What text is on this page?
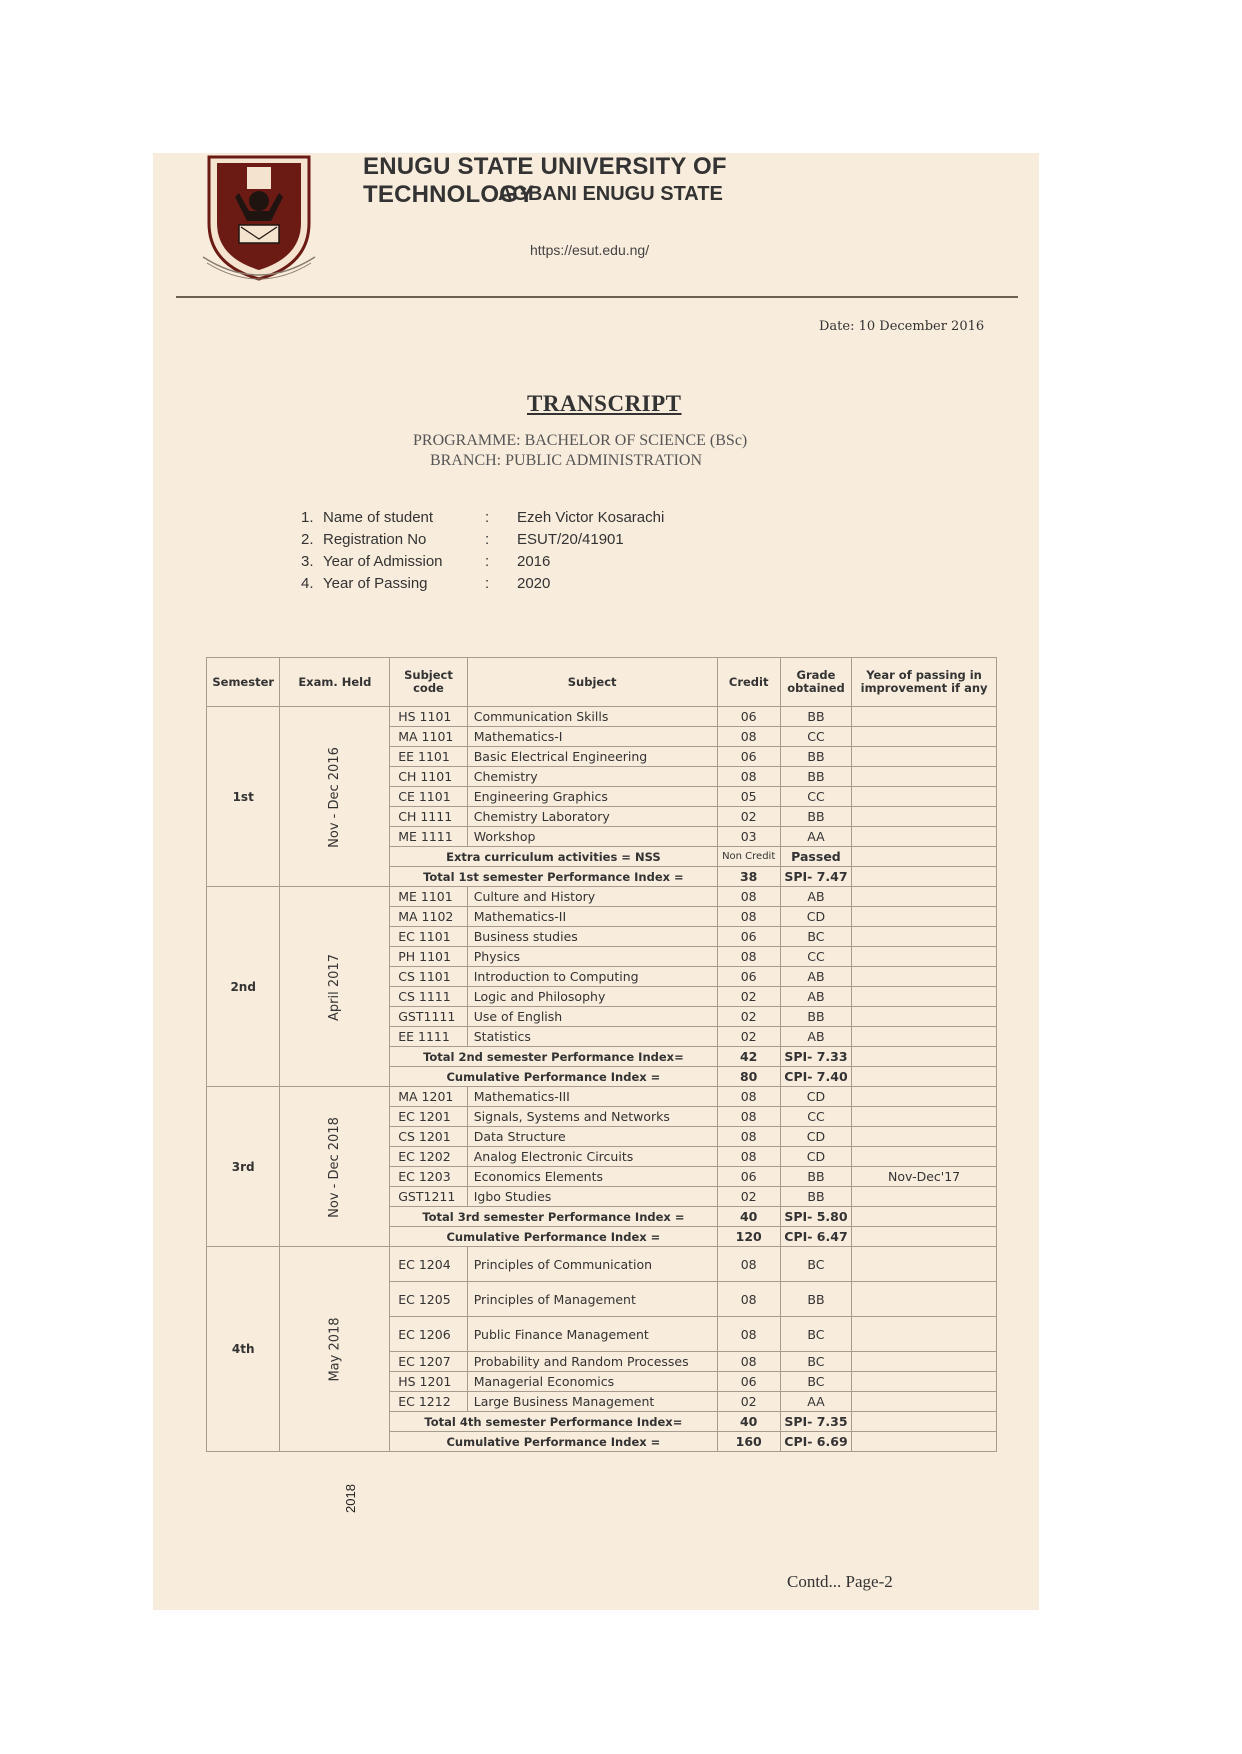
ENUGU STATE UNIVERSITY OF TECHNOLOGY
AGBANI ENUGU STATE
https://esut.edu.ng/
Date: 10 December 2016
TRANSCRIPT
PROGRAMME: BACHELOR OF SCIENCE (BSc)
BRANCH: PUBLIC ADMINISTRATION
1. Name of student	: Ezeh Victor Kosarachi
2. Registration No	: ESUT/20/41901
3. Year of Admission	: 2016
4. Year of Passing	: 2020
Semester	Exam. Held	Subject code	Subject	Credit	Grade obtained	Year of passing in improvement if any
1st	Nov - Dec 2016	HS 1101	Communication Skills	06	BB	
		MA 1101	Mathematics-I	08	CC	
		EE 1101	Basic Electrical Engineering	06	BB	
		CH 1101	Chemistry	08	BB	
		CE 1101	Engineering Graphics	05	CC	
		CH 1111	Chemistry Laboratory	02	BB	
		ME 1111	Workshop	03	AA	
		Extra curriculum activities = NSS		Non Credit	Passed	
		Total 1st semester Performance Index =		38	SPI- 7.47	
2nd	April 2017	ME 1101	Culture and History	08	AB	
		MA 1102	Mathematics-II	08	CD	
		EC 1101	Business studies	06	BC	
		PH 1101	Physics	08	CC	
		CS 1101	Introduction to Computing	06	AB	
		CS 1111	Logic and Philosophy	02	AB	
		GST1111	Use of English	02	BB	
		EE 1111	Statistics	02	AB	
		Total 2nd semester Performance Index=		42	SPI- 7.33	
		Cumulative Performance Index =		80	CPI- 7.40	
3rd	Nov - Dec 2018	MA 1201	Mathematics-III	08	CD	
		EC 1201	Signals, Systems and Networks	08	CC	
		CS 1201	Data Structure	08	CD	
		EC 1202	Analog Electronic Circuits	08	CD	
		EC 1203	Economics Elements	06	BB	Nov-Dec'17
		GST1211	Igbo Studies	02	BB	
		Total 3rd semester Performance Index =		40	SPI- 5.80	
		Cumulative Performance Index =		120	CPI- 6.47	
4th	May 2018	EC 1204	Principles of Communication	08	BC	
		EC 1205	Principles of Management	08	BB	
		EC 1206	Public Finance Management	08	BC	
		EC 1207	Probability and Random Processes	08	BC	
		HS 1201	Managerial Economics	06	BC	
		EC 1212	Large Business Management	02	AA	
		Total 4th semester Performance Index=		40	SPI- 7.35	
		Cumulative Performance Index =		160	CPI- 6.69	
2018
Contd... Page-2
